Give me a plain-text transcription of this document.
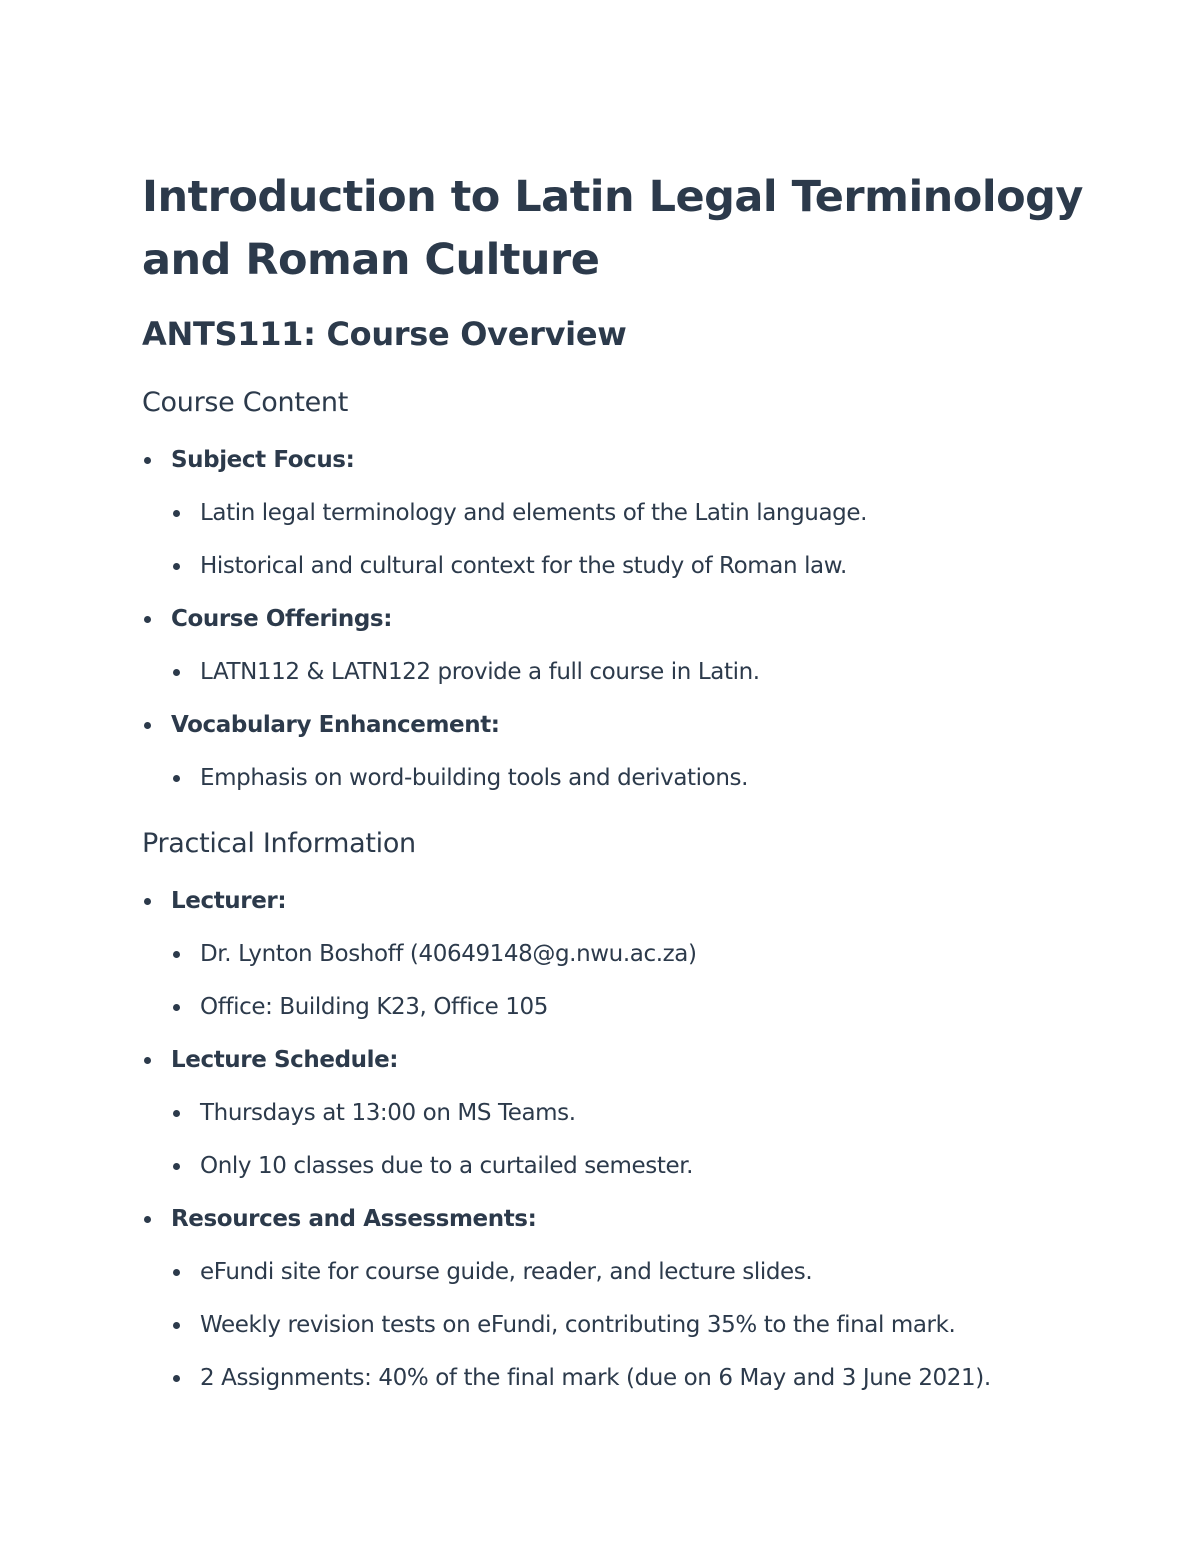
Introduction to Latin Legal Terminology
and Roman Culture
ANTS111: Course Overview
Course Content
Subject Focus:
Latin legal terminology and elements of the Latin language.
Historical and cultural context for the study of Roman law.
Course Offerings:
LATN112 & LATN122 provide a full course in Latin.
Vocabulary Enhancement:
Emphasis on word-building tools and derivations.
Practical Information
Lecturer:
Dr. Lynton Boshoff (40649148@g.nwu.ac.za)
Office: Building K23, Office 105
Lecture Schedule:
Thursdays at 13:00 on MS Teams.
Only 10 classes due to a curtailed semester.
Resources and Assessments:
eFundi site for course guide, reader, and lecture slides.
Weekly revision tests on eFundi, contributing 35% to the final mark.
2 Assignments: 40% of the final mark (due on 6 May and 3 June 2021).
